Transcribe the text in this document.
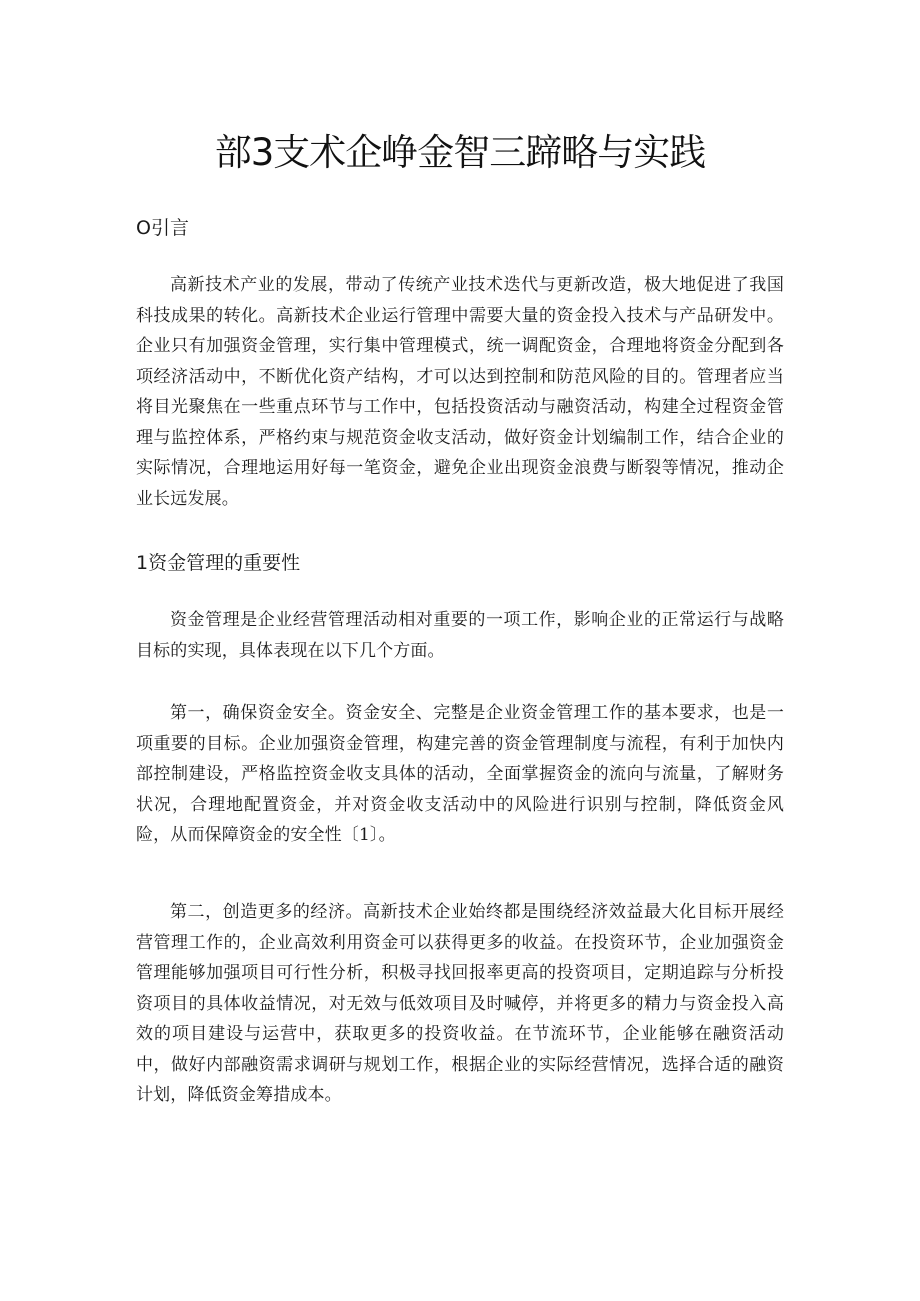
部3支术企峥金智三蹄略与实践
O引言

高新技术产业的发展，带动了传统产业技术迭代与更新改造，极大地促进了我国科技成果的转化。高新技术企业运行管理中需要大量的资金投入技术与产品研发中。企业只有加强资金管理，实行集中管理模式，统一调配资金，合理地将资金分配到各项经济活动中，不断优化资产结构，才可以达到控制和防范风险的目的。管理者应当将目光聚焦在一些重点环节与工作中，包括投资活动与融资活动，构建全过程资金管理与监控体系，严格约束与规范资金收支活动，做好资金计划编制工作，结合企业的实际情况，合理地运用好每一笔资金，避免企业出现资金浪费与断裂等情况，推动企业长远发展。

1资金管理的重要性

资金管理是企业经营管理活动相对重要的一项工作，影响企业的正常运行与战略目标的实现，具体表现在以下几个方面。

第一，确保资金安全。资金安全、完整是企业资金管理工作的基本要求，也是一项重要的目标。企业加强资金管理，构建完善的资金管理制度与流程，有利于加快内部控制建设，严格监控资金收支具体的活动，全面掌握资金的流向与流量，了解财务状况，合理地配置资金，并对资金收支活动中的风险进行识别与控制，降低资金风险，从而保障资金的安全性〔1〕。

第二，创造更多的经济。高新技术企业始终都是围绕经济效益最大化目标开展经营管理工作的，企业高效利用资金可以获得更多的收益。在投资环节，企业加强资金管理能够加强项目可行性分析，积极寻找回报率更高的投资项目，定期追踪与分析投资项目的具体收益情况，对无效与低效项目及时喊停，并将更多的精力与资金投入高效的项目建设与运营中，获取更多的投资收益。在节流环节，企业能够在融资活动中，做好内部融资需求调研与规划工作，根据企业的实际经营情况，选择合适的融资计划，降低资金筹措成本。
